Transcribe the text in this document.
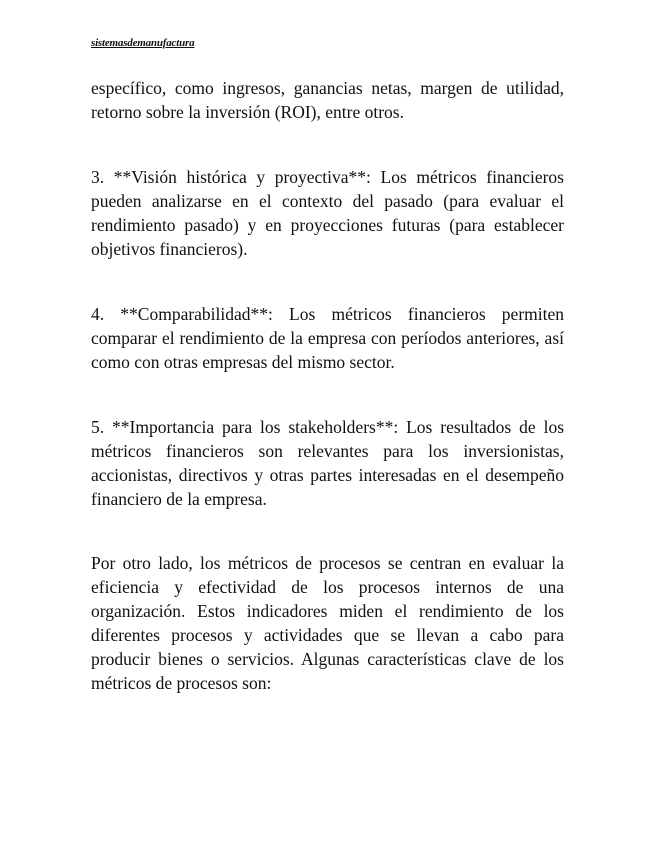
sistemasdemanufactura

específico, como ingresos, ganancias netas, margen de utilidad, retorno sobre la inversión (ROI), entre otros.

3. **Visión histórica y proyectiva**: Los métricos financieros pueden analizarse en el contexto del pasado (para evaluar el rendimiento pasado) y en proyecciones futuras (para establecer objetivos financieros).

4. **Comparabilidad**: Los métricos financieros permiten comparar el rendimiento de la empresa con períodos anteriores, así como con otras empresas del mismo sector.

5. **Importancia para los stakeholders**: Los resultados de los métricos financieros son relevantes para los inversionistas, accionistas, directivos y otras partes interesadas en el desempeño financiero de la empresa.

Por otro lado, los métricos de procesos se centran en evaluar la eficiencia y efectividad de los procesos internos de una organización. Estos indicadores miden el rendimiento de los diferentes procesos y actividades que se llevan a cabo para producir bienes o servicios. Algunas características clave de los métricos de procesos son:
